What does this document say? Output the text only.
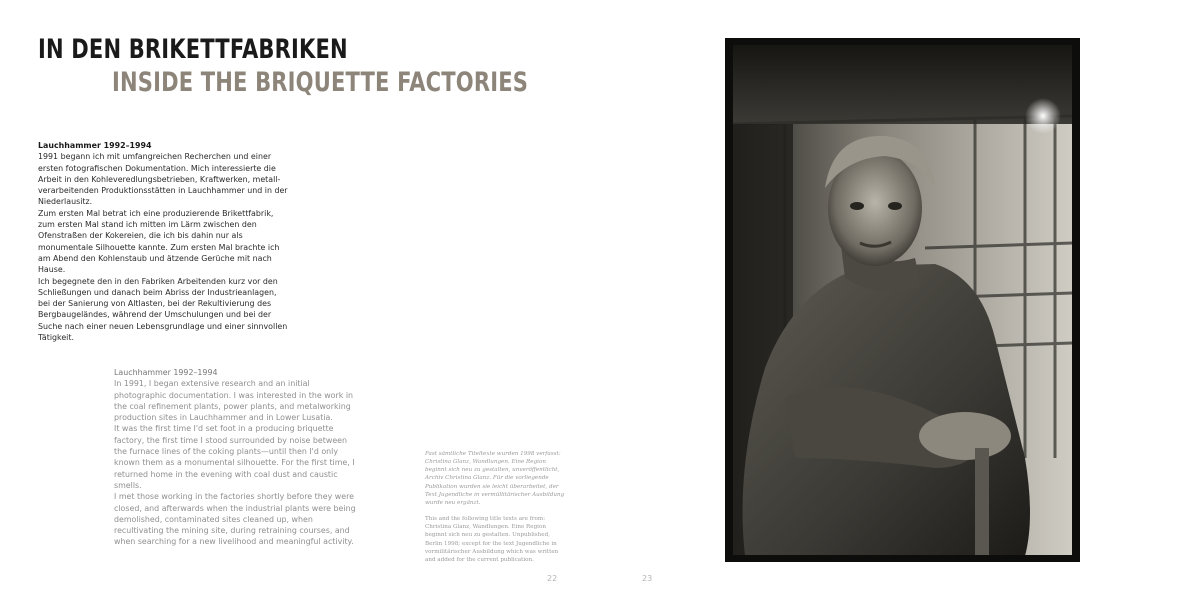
IN DEN BRIKETTFABRIKEN
INSIDE THE BRIQUETTE FACTORIES
Lauchhammer 1992–1994

1991 begann ich mit umfangreichen Recherchen und einer ersten fotografischen Dokumentation. Mich interessierte die Arbeit in den Kohleveredlungsbetrieben, Kraftwerken, metallverarbeitenden Produktionsstätten in Lauchhammer und in der Niederlausitz.

Zum ersten Mal betrat ich eine produzierende Brikettfabrik, zum ersten Mal stand ich mitten im Lärm zwischen den Ofenstraßen der Kokereien, die ich bis dahin nur als monumentale Silhouette kannte. Zum ersten Mal brachte ich am Abend den Kohlenstaub und ätzende Gerüche mit nach Hause.

Ich begegnete den in den Fabriken Arbeitenden kurz vor den Schließungen und danach beim Abriss der Industrieanlagen, bei der Sanierung von Altlasten, bei der Rekultivierung des Bergbaugeländes, während der Umschulungen und bei der Suche nach einer neuen Lebensgrundlage und einer sinnvollen Tätigkeit.

Lauchhammer 1992–1994

In 1991, I began extensive research and an initial photographic documentation. I was interested in the work in the coal refinement plants, power plants, and metalworking production sites in Lauchhammer and in Lower Lusatia.

It was the first time I'd set foot in a producing briquette factory, the first time I stood surrounded by noise between the furnace lines of the coking plants—until then I'd only known them as a monumental silhouette. For the first time, I returned home in the evening with coal dust and caustic smells.

I met those working in the factories shortly before they were closed, and afterwards when the industrial plants were being demolished, contaminated sites cleaned up, when recultivating the mining site, during retraining courses, and when searching for a new livelihood and meaningful activity.

Fast sämtliche Titeltexte wurden 1998 verfasst: Christina Glanz, Wandlungen. Eine Region beginnt sich neu zu gestalten, unveröffentlicht, Archiv Christina Glanz. Für die vorliegende Publikation wurden sie leicht überarbeitet, der Text Jugendliche in vermüllitärischer Ausbildung wurde neu ergänzt.

This and the following title texts are from: Christina Glanz, Wandlungen. Eine Region beginnt sich neu zu gestalten. Unpublished, Berlin 1998; except for the text Jugendliche in vormilitärischer Ausbildung which was written and added for the current publication.

22	23
